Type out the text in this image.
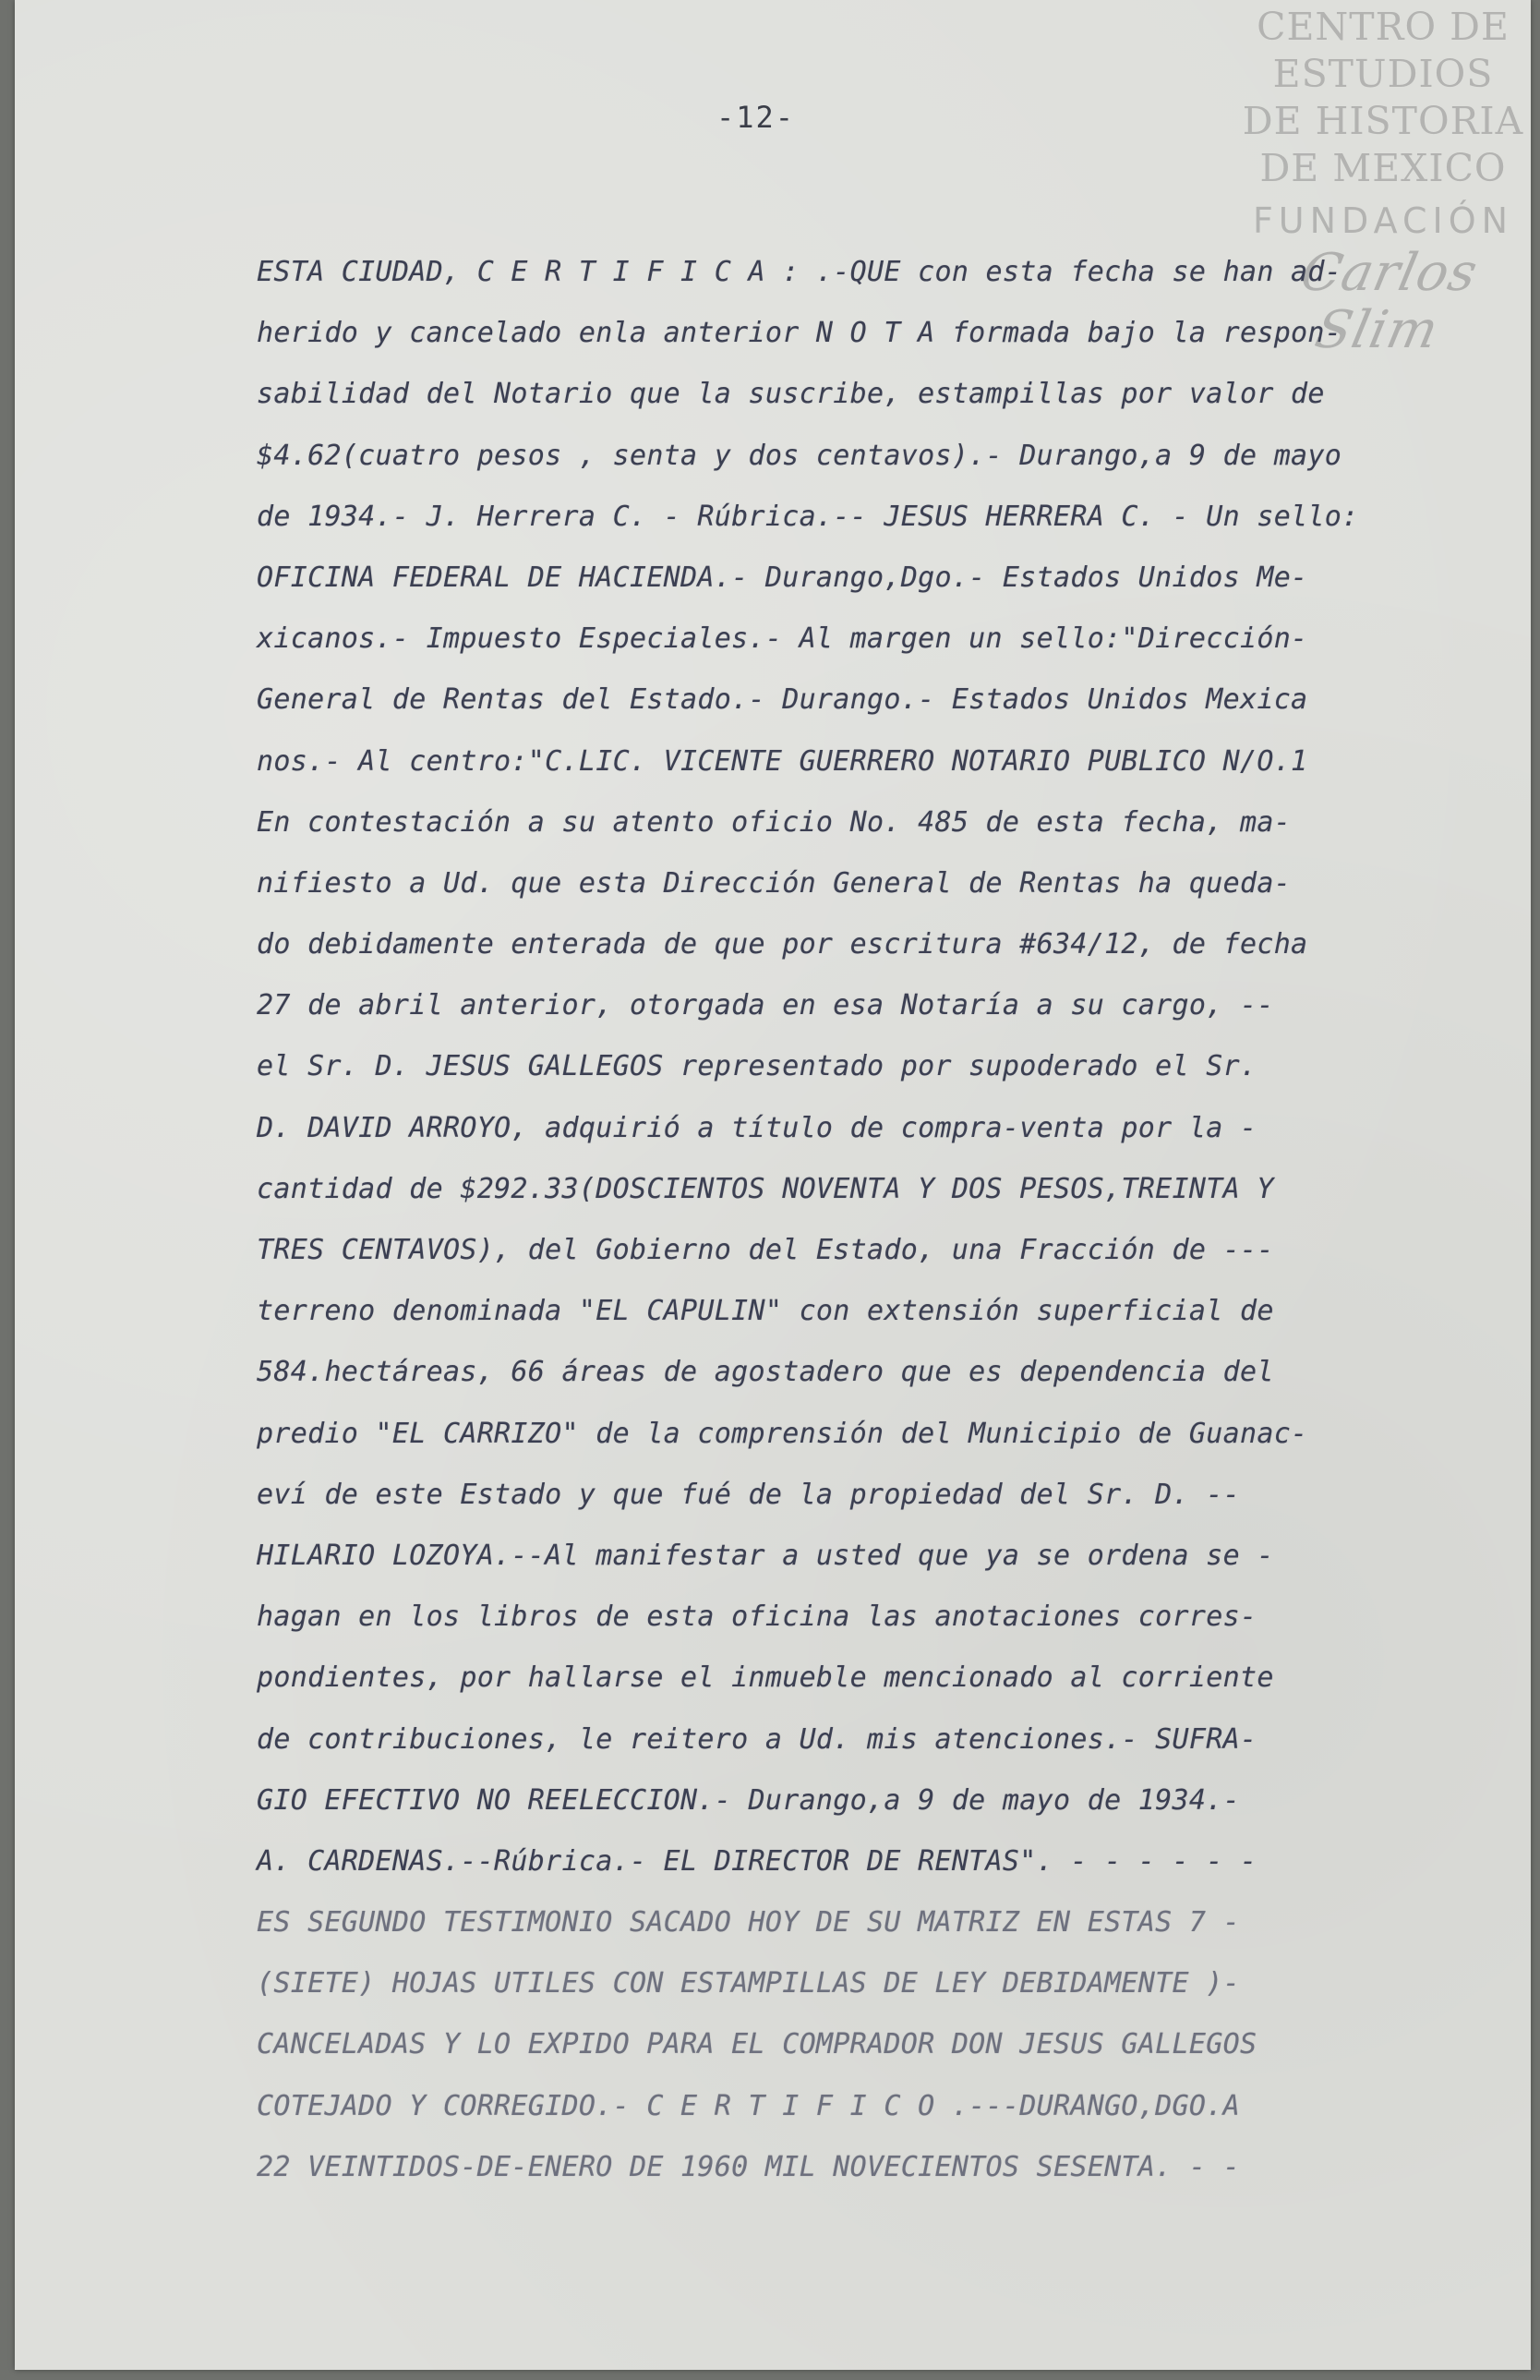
CENTRO DE
ESTUDIOS
DE HISTORIA
DE MEXICO
FUNDACIÓN
Carlos Slim
-12-
ESTA CIUDAD, C E R T I F I C A : .-QUE con esta fecha se han ad-
herido y cancelado enla anterior N O T A formada bajo la respon-
sabilidad del Notario que la suscribe, estampillas por valor de
$4.62(cuatro pesos , senta y dos centavos).- Durango,a 9 de mayo
de 1934.- J. Herrera C. - Rúbrica.-- JESUS HERRERA C. - Un sello:
OFICINA FEDERAL DE HACIENDA.- Durango,Dgo.- Estados Unidos Me-
xicanos.- Impuesto Especiales.- Al margen un sello:"Dirección-
General de Rentas del Estado.- Durango.- Estados Unidos Mexica
nos.- Al centro:"C.LIC. VICENTE GUERRERO NOTARIO PUBLICO N/O.1
En contestación a su atento oficio No. 485 de esta fecha, ma-
nifiesto a Ud. que esta Dirección General de Rentas ha queda-
do debidamente enterada de que por escritura #634/12, de fecha
27 de abril anterior, otorgada en esa Notaría a su cargo, --
el Sr. D. JESUS GALLEGOS representado por supoderado el Sr.
D. DAVID ARROYO, adquirió a título de compra-venta por la -
cantidad de $292.33(DOSCIENTOS NOVENTA Y DOS PESOS,TREINTA Y
TRES CENTAVOS), del Gobierno del Estado, una Fracción de ---
terreno denominada "EL CAPULIN" con extensión superficial de
584.hectáreas, 66 áreas de agostadero que es dependencia del
predio "EL CARRIZO" de la comprensión del Municipio de Guanac-
eví de este Estado y que fué de la propiedad del Sr. D. --
HILARIO LOZOYA.--Al manifestar a usted que ya se ordena se -
hagan en los libros de esta oficina las anotaciones corres-
pondientes, por hallarse el inmueble mencionado al corriente
de contribuciones, le reitero a Ud. mis atenciones.- SUFRA-
GIO EFECTIVO NO REELECCION.- Durango,a 9 de mayo de 1934.-
A. CARDENAS.--Rúbrica.- EL DIRECTOR DE RENTAS". - - - - - -
ES SEGUNDO TESTIMONIO SACADO HOY DE SU MATRIZ EN ESTAS 7 -
(SIETE) HOJAS UTILES CON ESTAMPILLAS DE LEY DEBIDAMENTE )-
CANCELADAS Y LO EXPIDO PARA EL COMPRADOR DON JESUS GALLEGOS
COTEJADO Y CORREGIDO.- C E R T I F I C O .---DURANGO,DGO.A
22 VEINTIDOS-DE-ENERO DE 1960 MIL NOVECIENTOS SESENTA. - -
